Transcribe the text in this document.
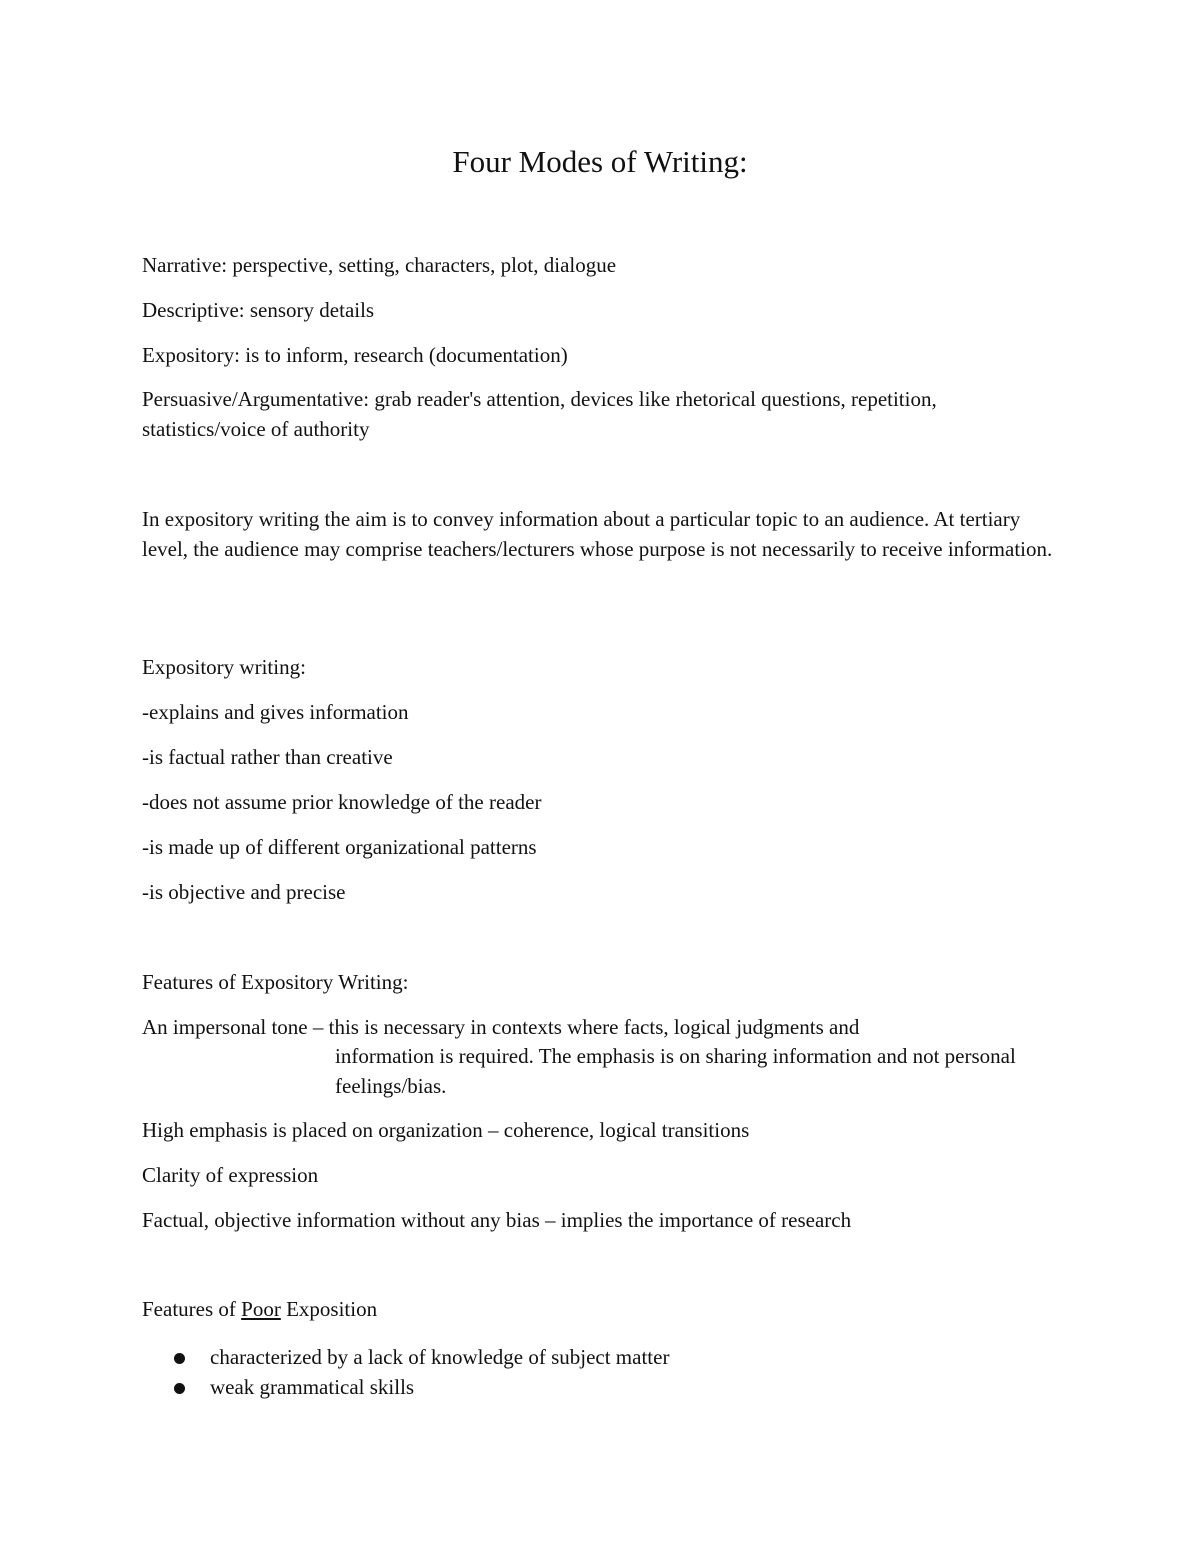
Four Modes of Writing:

Narrative: perspective, setting, characters, plot, dialogue

Descriptive: sensory details

Expository: is to inform, research (documentation)

Persuasive/Argumentative: grab reader's attention, devices like rhetorical questions, repetition, statistics/voice of authority

In expository writing the aim is to convey information about a particular topic to an audience. At tertiary level, the audience may comprise teachers/lecturers whose purpose is not necessarily to receive information.

Expository writing:

-explains and gives information

-is factual rather than creative

-does not assume prior knowledge of the reader

-is made up of different organizational patterns

-is objective and precise

Features of Expository Writing:

An impersonal tone – this is necessary in contexts where facts, logical judgments and

information is required. The emphasis is on sharing information and not personal feelings/bias.

High emphasis is placed on organization – coherence, logical transitions

Clarity of expression

Factual, objective information without any bias – implies the importance of research

Features of Poor Exposition

characterized by a lack of knowledge of subject matter
weak grammatical skills
